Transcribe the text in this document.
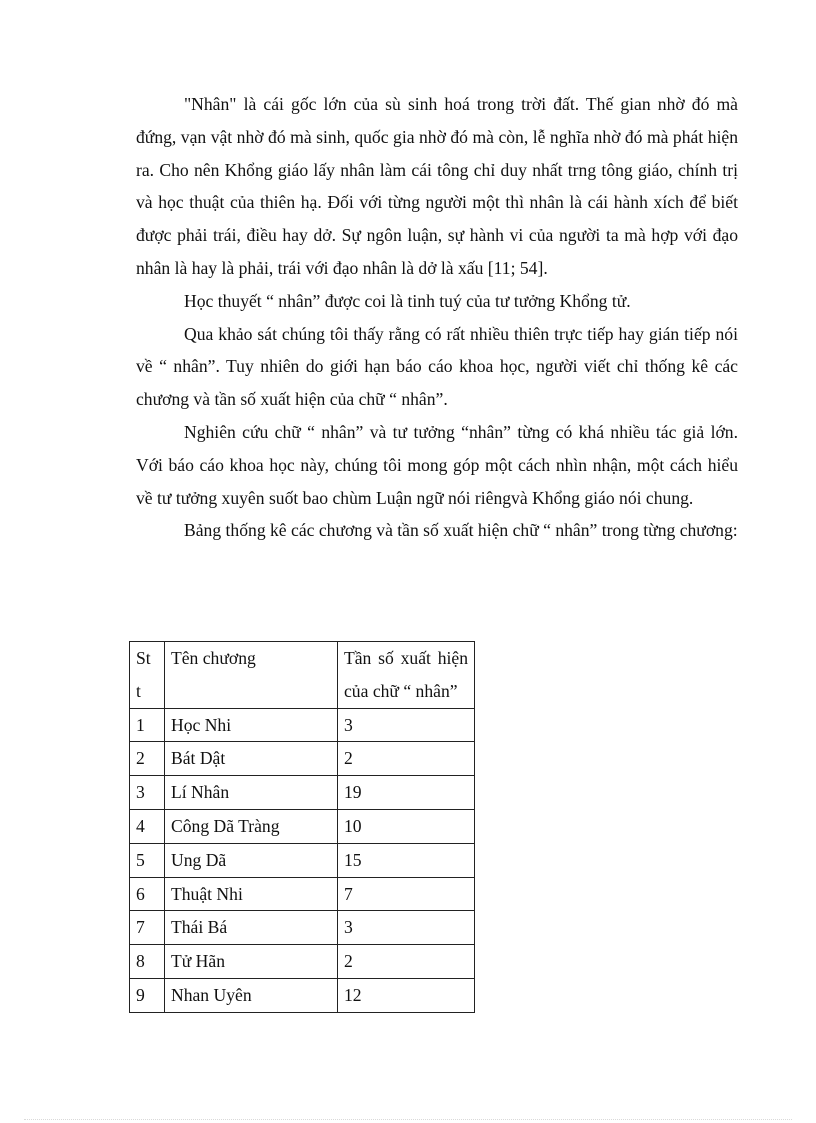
"Nhân" là cái gốc lớn của sù sinh hoá trong trời đất. Thế gian nhờ đó mà đứng, vạn vật nhờ đó mà sinh, quốc gia nhờ đó mà còn, lễ nghĩa nhờ đó mà phát hiện ra. Cho nên Khổng giáo lấy nhân làm cái tông chỉ duy nhất trng tông giáo, chính trị và học thuật của thiên hạ. Đối với từng người một thì nhân là cái hành xích để biết được phải trái, điều hay dở. Sự ngôn luận, sự hành vi của người ta mà hợp với đạo nhân là hay là phải, trái với đạo nhân là dở là xấu [11; 54].

Học thuyết “ nhân” được coi là tinh tuý của tư tưởng Khổng tử.

Qua khảo sát chúng tôi thấy rằng có rất nhiều thiên trực tiếp hay gián tiếp nói về “ nhân”. Tuy nhiên do giới hạn báo cáo khoa học, người viết chỉ thống kê các chương và tần số xuất hiện của chữ “ nhân”.

Nghiên cứu chữ “ nhân” và tư tưởng “nhân” từng có khá nhiều tác giả lớn. Với báo cáo khoa học này, chúng tôi mong góp một cách nhìn nhận, một cách hiểu về tư tưởng xuyên suốt bao chùm Luận ngữ nói riêngvà Khổng giáo nói chung.

Bảng thống kê các chương và tần số xuất hiện chữ “ nhân” trong từng chương:

St t	Tên chương	Tần số xuất hiện của chữ “ nhân”
1	Học Nhi	3
2	Bát Dật	2
3	Lí Nhân	19
4	Công Dã Tràng	10
5	Ung Dã	15
6	Thuật Nhi	7
7	Thái Bá	3
8	Tử Hãn	2
9	Nhan Uyên	12
